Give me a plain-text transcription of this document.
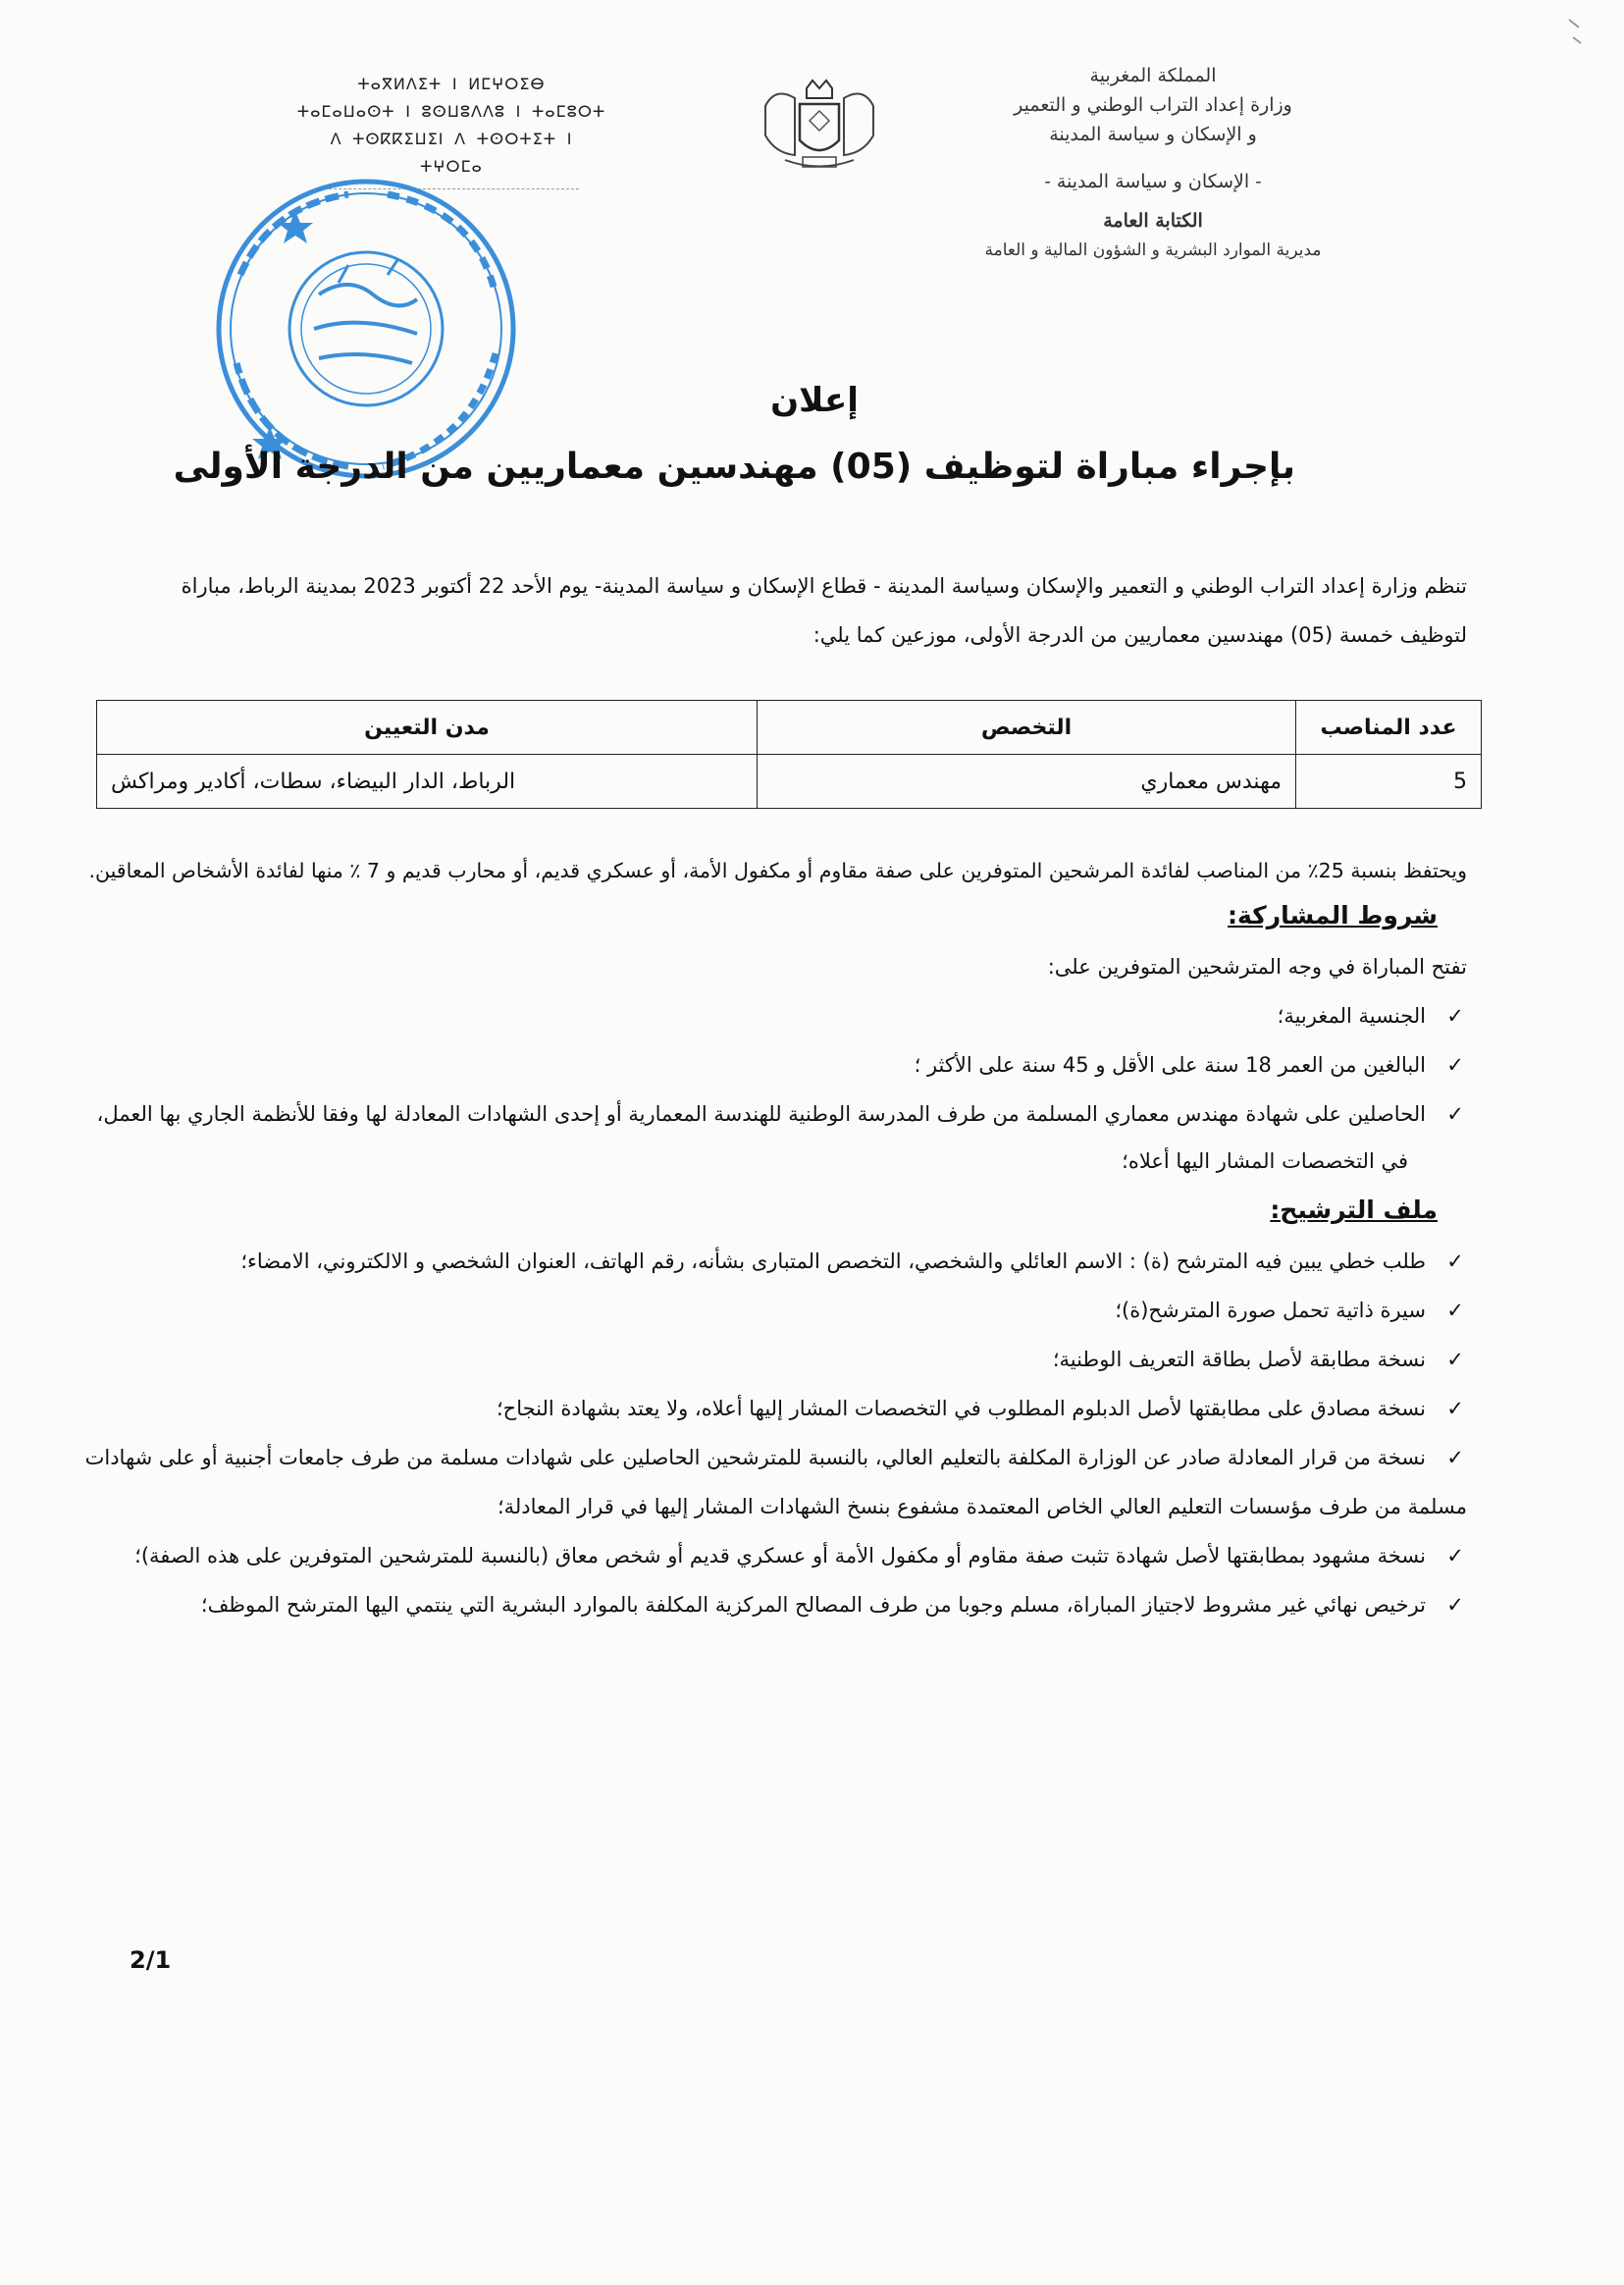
المملكة المغربية
وزارة إعداد التراب الوطني و التعمير
و الإسكان و سياسة المدينة
- الإسكان و سياسة المدينة -
الكتابة العامة
مديرية الموارد البشرية و الشؤون المالية و العامة
ⵜⴰⴳⵍⴷⵉⵜ ⵏ ⵍⵎⵖⵔⵉⴱ
ⵜⴰⵎⴰⵡⴰⵙⵜ ⵏ ⵓⵙⵡⵓⴷⴷⵓ ⵏ ⵜⴰⵎⵓⵔⵜ
ⴷ ⵜⵙⴽⴽⵉⵡⵉⵏ ⴷ ⵜⵙⵔⵜⵉⵜ ⵏ ⵜⵖⵔⵎⴰ
إعلان
بإجراء مباراة لتوظيف (05) مهندسين معماريين من الدرجة الأولى
تنظم وزارة إعداد التراب الوطني و التعمير والإسكان وسياسة المدينة - قطاع الإسكان و سياسة المدينة- يوم الأحد 22 أكتوبر 2023 بمدينة الرباط، مباراة
لتوظيف خمسة (05) مهندسين معماريين من الدرجة الأولى، موزعين كما يلي:
عدد المناصب	التخصص	مدن التعيين
5	مهندس معماري	الرباط، الدار البيضاء، سطات، أكادير ومراكش
ويحتفظ بنسبة 25٪ من المناصب لفائدة المرشحين المتوفرين على صفة مقاوم أو مكفول الأمة، أو عسكري قديم، أو محارب قديم و 7 ٪ منها لفائدة الأشخاص المعاقين.
شروط المشاركة:
تفتح المباراة في وجه المترشحين المتوفرين على:
✓الجنسية المغربية؛
✓البالغين من العمر 18 سنة على الأقل و 45 سنة على الأكثر ؛
✓الحاصلين على شهادة مهندس معماري المسلمة من طرف المدرسة الوطنية للهندسة المعمارية أو إحدى الشهادات المعادلة لها وفقا للأنظمة الجاري بها العمل،
في التخصصات المشار اليها أعلاه؛
ملف الترشيح:
✓طلب خطي يبين فيه المترشح (ة) : الاسم العائلي والشخصي، التخصص المتبارى بشأنه، رقم الهاتف، العنوان الشخصي و الالكتروني، الامضاء؛
✓سيرة ذاتية تحمل صورة المترشح(ة)؛
✓نسخة مطابقة لأصل بطاقة التعريف الوطنية؛
✓نسخة مصادق على مطابقتها لأصل الدبلوم المطلوب في التخصصات المشار إليها أعلاه، ولا يعتد بشهادة النجاح؛
✓نسخة من قرار المعادلة صادر عن الوزارة المكلفة بالتعليم العالي، بالنسبة للمترشحين الحاصلين على شهادات مسلمة من طرف جامعات أجنبية أو على شهادات
مسلمة من طرف مؤسسات التعليم العالي الخاص المعتمدة مشفوع بنسخ الشهادات المشار إليها في قرار المعادلة؛
✓نسخة مشهود بمطابقتها لأصل شهادة تثبت صفة مقاوم أو مكفول الأمة أو عسكري قديم أو شخص معاق (بالنسبة للمترشحين المتوفرين على هذه الصفة)؛
✓ترخيص نهائي غير مشروط لاجتياز المباراة، مسلم وجوبا من طرف المصالح المركزية المكلفة بالموارد البشرية التي ينتمي اليها المترشح الموظف؛
2/1
